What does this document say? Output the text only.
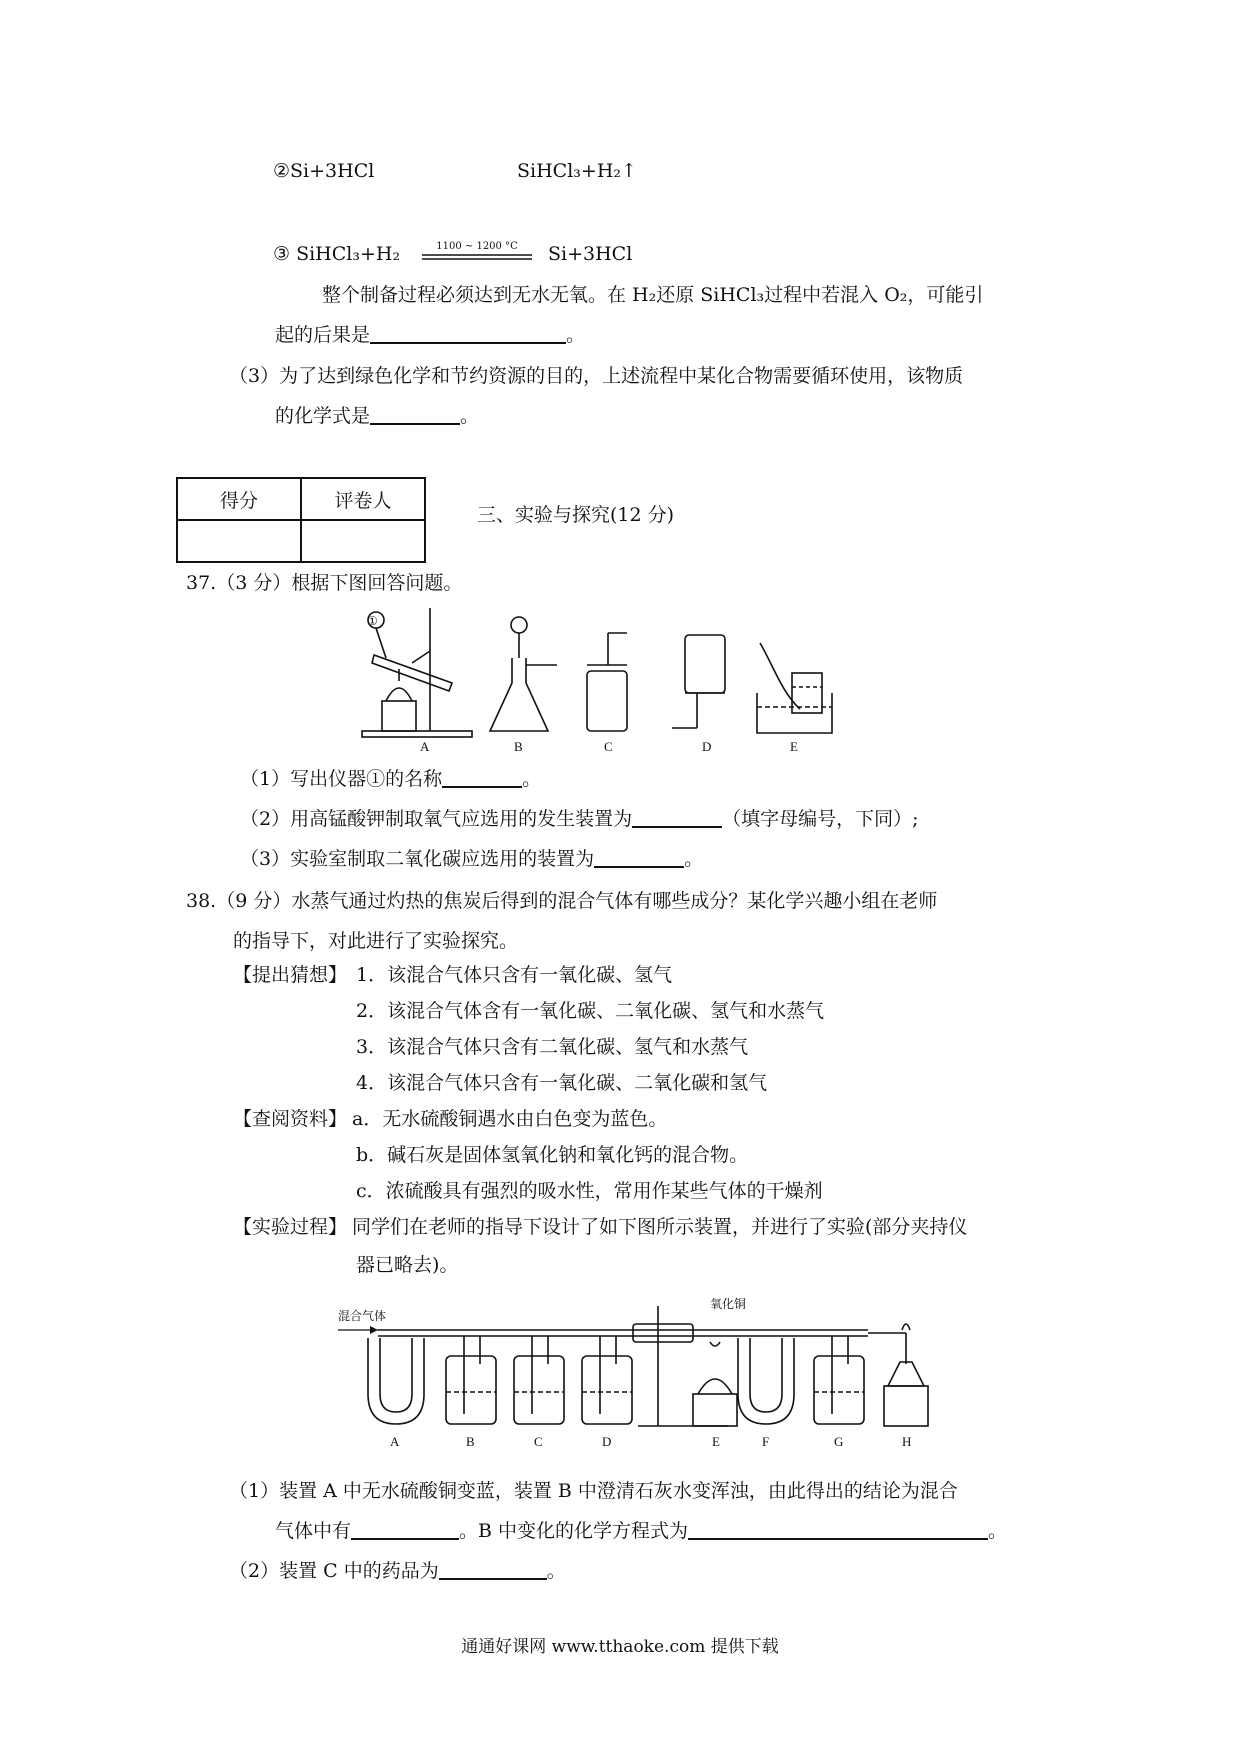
②Si+3HCl	SiHCl₃+H₂↑
③ SiHCl₃+H₂	1100 ~ 1200 °C	Si+3HCl
整个制备过程必须达到无水无氧。在 H₂还原 SiHCl₃过程中若混入 O₂，可能引
起的后果是	。
（3）为了达到绿色化学和节约资源的目的，上述流程中某化合物需要循环使用，该物质
的化学式是	。
得分	评卷人

三、实验与探究(12 分)
37.（3 分）根据下图回答问题。
①
A	B	C	D	E
（1）写出仪器①的名称	。
（2）用高锰酸钾制取氧气应选用的发生装置为	（填字母编号，下同）;
（3）实验室制取二氧化碳应选用的装置为	。
38.（9 分）水蒸气通过灼热的焦炭后得到的混合气体有哪些成分？某化学兴趣小组在老师
的指导下，对此进行了实验探究。
【提出猜想】 1．该混合气体只含有一氧化碳、氢气
2．该混合气体含有一氧化碳、二氧化碳、氢气和水蒸气
3．该混合气体只含有二氧化碳、氢气和水蒸气
4．该混合气体只含有一氧化碳、二氧化碳和氢气
【查阅资料】 a．无水硫酸铜遇水由白色变为蓝色。
b．碱石灰是固体氢氧化钠和氧化钙的混合物。
c．浓硫酸具有强烈的吸水性，常用作某些气体的干燥剂
【实验过程】 同学们在老师的指导下设计了如下图所示装置，并进行了实验(部分夹持仪
器已略去)。
混合气体
氧化铜
A	B	C	D	E	F	G	H
（1）装置 A 中无水硫酸铜变蓝，装置 B 中澄清石灰水变浑浊，由此得出的结论为混合
气体中有	。B 中变化的化学方程式为	。
（2）装置 C 中的药品为	。
通通好课网 www.tthaoke.com 提供下载
